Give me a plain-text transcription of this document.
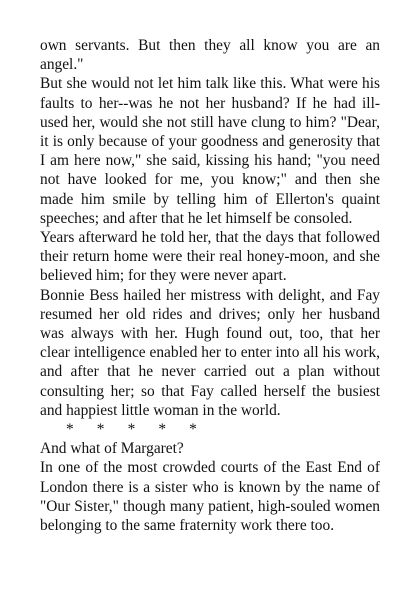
own servants. But then they all know you are an angel."

But she would not let him talk like this. What were his faults to her--was he not her husband? If he had ill-used her, would she not still have clung to him? "Dear, it is only because of your goodness and generosity that I am here now," she said, kissing his hand; "you need not have looked for me, you know;" and then she made him smile by telling him of Ellerton's quaint speeches; and after that he let himself be consoled.

Years afterward he told her, that the days that followed their return home were their real honey-moon, and she believed him; for they were never apart.

Bonnie Bess hailed her mistress with delight, and Fay resumed her old rides and drives; only her husband was always with her. Hugh found out, too, that her clear intelligence enabled her to enter into all his work, and after that he never carried out a plan without consulting her; so that Fay called herself the busiest and happiest little woman in the world.

*      *      *      *      *

And what of Margaret?

In one of the most crowded courts of the East End of London there is a sister who is known by the name of "Our Sister," though many patient, high-souled women belonging to the same fraternity work there too.
